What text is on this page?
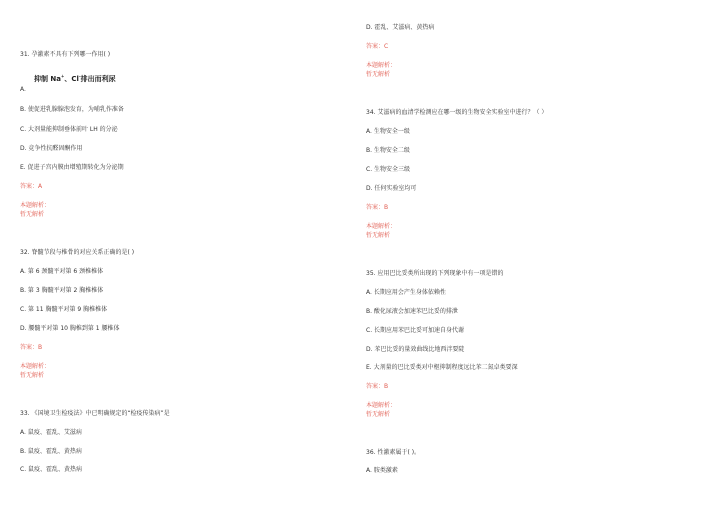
31. 孕激素不具有下列哪一作用( )
抑制 Na+、Cl-排出而利尿
A.
B. 使促进乳腺腺泡发育，为哺乳作准备
C. 大剂量能抑制垂体前叶 LH 的分泌
D. 竞争性抗醛固酮作用
E. 促进子宫内膜由增殖期转化为分泌期
答案：A
本题解析：
暂无解析
32. 脊髓节段与椎骨的对应关系正确的是( )
A. 第 6 颈髓平对第 6 颈椎椎体
B. 第 3 胸髓平对第 2 胸椎椎体
C. 第 11 胸髓平对第 9 胸椎椎体
D. 腰髓平对第 10 胸椎到第 1 腰椎体
答案：B
本题解析：
暂无解析
33. 《国境卫生检疫法》中已明确规定的“检疫传染病”是
A. 鼠疫、霍乱、艾滋病
B. 鼠疫、霍乱、黄热病
C. 鼠疫、霍乱、黄热病
D. 霍乱、艾滋病、黄热病
答案：C
本题解析：
暂无解析
34. 艾滋病的血清学检测应在哪一级的生物安全实验室中进行？（ ）
A. 生物安全一级
B. 生物安全二级
C. 生物安全三级
D. 任何实验室均可
答案：B
本题解析：
暂无解析
35. 应用巴比妥类所出现的下列现象中有一项是错的
A. 长期应用会产生身体依赖性
B. 酸化尿液会加速苯巴比妥的排泄
C. 长期应用苯巴比妥可加速自身代谢
D. 苯巴比妥的量效曲线比地西泮要陡
E. 大剂量的巴比妥类对中枢抑制程度远比苯二氮卓类要深
答案：B
本题解析：
暂无解析
36. 性激素属于( )。
A. 胺类激素
